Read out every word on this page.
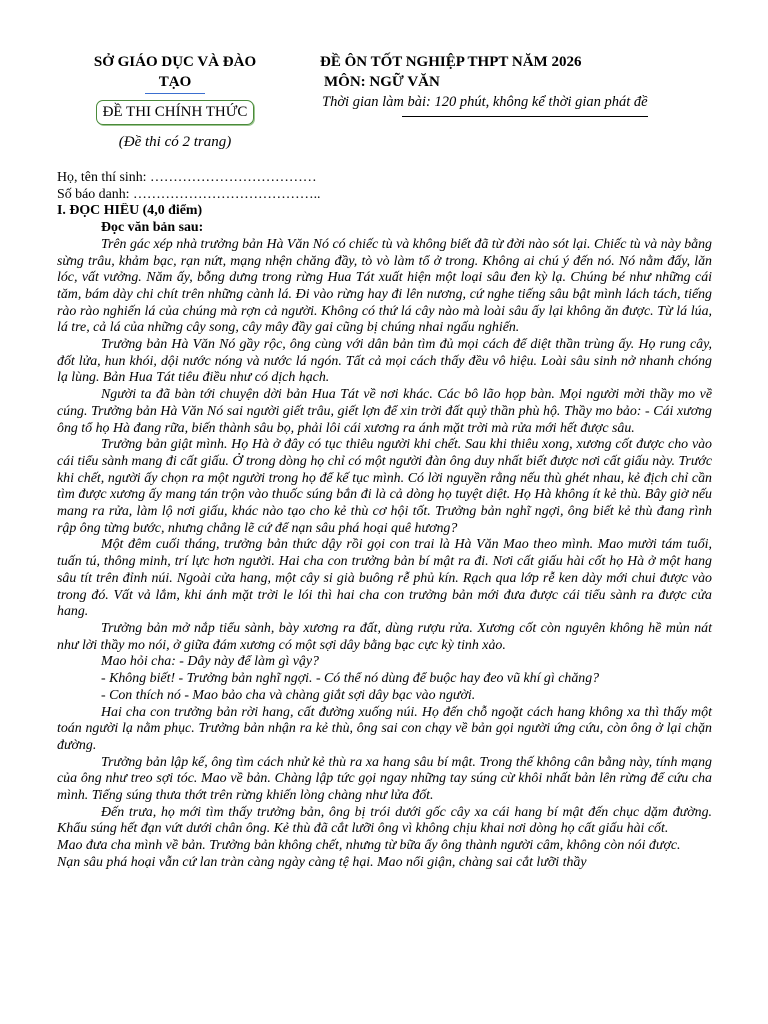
SỞ GIÁO DỤC VÀ ĐÀO
TẠO
ĐỀ THI CHÍNH THỨC
(Đề thi có 2 trang)
ĐỀ ÔN TỐT NGHIỆP THPT NĂM 2026
MÔN: NGỮ VĂN
Thời gian làm bài: 120 phút, không kể thời gian phát đề
Họ, tên thí sinh: ………………………………
Số báo danh: …………………………………..
I. ĐỌC HIỂU (4,0 điểm)
Đọc văn bản sau:

Trên gác xép nhà trưởng bản Hà Văn Nó có chiếc tù và không biết đã từ đời nào sót lại. Chiếc tù và này bằng sừng trâu, khảm bạc, rạn nứt, mạng nhện chăng đầy, tò vò làm tổ ở trong. Không ai chú ý đến nó. Nó nằm đấy, lăn lóc, vất vưởng. Năm ấy, bỗng dưng trong rừng Hua Tát xuất hiện một loại sâu đen kỳ lạ. Chúng bé như những cái tăm, bám dày chi chít trên những cành lá. Đi vào rừng hay đi lên nương, cứ nghe tiếng sâu bật mình lách tách, tiếng rào rào nghiến lá của chúng mà rợn cả người. Không có thứ lá cây nào mà loài sâu ấy lại không ăn được. Từ lá lúa, lá tre, cả lá của những cây song, cây mây đầy gai cũng bị chúng nhai ngấu nghiến.

Trưởng bản Hà Văn Nó gầy rộc, ông cùng với dân bản tìm đủ mọi cách để diệt thần trùng ấy. Họ rung cây, đốt lửa, hun khói, dội nước nóng và nước lá ngón. Tất cả mọi cách thấy đều vô hiệu. Loài sâu sinh nở nhanh chóng lạ lùng. Bản Hua Tát tiêu điều như có dịch hạch.

Người ta đã bàn tới chuyện dời bản Hua Tát về nơi khác. Các bô lão họp bàn. Mọi người mời thầy mo về cúng. Trưởng bản Hà Văn Nó sai người giết trâu, giết lợn để xin trời đất quỷ thần phù hộ. Thầy mo bảo: - Cái xương ông tổ họ Hà đang rữa, biến thành sâu bọ, phải lôi cái xương ra ánh mặt trời mà rửa mới hết được sâu.

Trưởng bản giật mình. Họ Hà ở đây có tục thiêu người khi chết. Sau khi thiêu xong, xương cốt được cho vào cái tiểu sành mang đi cất giấu. Ở trong dòng họ chỉ có một người đàn ông duy nhất biết được nơi cất giấu này. Trước khi chết, người ấy chọn ra một người trong họ để kế tục mình. Có lời nguyền rằng nếu thù ghét nhau, kẻ địch chỉ cần tìm được xương ấy mang tán trộn vào thuốc súng bắn đi là cả dòng họ tuyệt diệt. Họ Hà không ít kẻ thù. Bây giờ nếu mang ra rửa, làm lộ nơi giấu, khác nào tạo cho kẻ thù cơ hội tốt. Trưởng bản nghĩ ngợi, ông biết kẻ thù đang rình rập ông từng bước, nhưng chẳng lẽ cứ để nạn sâu phá hoại quê hương?

Một đêm cuối tháng, trưởng bản thức dậy rồi gọi con trai là Hà Văn Mao theo mình. Mao mười tám tuổi, tuấn tú, thông minh, trí lực hơn người. Hai cha con trưởng bản bí mật ra đi. Nơi cất giấu hài cốt họ Hà ở một hang sâu tít trên đỉnh núi. Ngoài cửa hang, một cây si già buông rễ phủ kín. Rạch qua lớp rễ ken dày mới chui được vào trong đó. Vất vả lắm, khi ánh mặt trời le lói thì hai cha con trưởng bản mới đưa được cái tiểu sành ra được cửa hang.

Trưởng bản mở nắp tiểu sành, bày xương ra đất, dùng rượu rửa. Xương cốt còn nguyên không hề mủn nát như lời thầy mo nói, ở giữa đám xương có một sợi dây bằng bạc cực kỳ tinh xảo.

Mao hỏi cha: - Dây này để làm gì vậy?

- Không biết! - Trưởng bản nghĩ ngợi. - Có thể nó dùng để buộc hay đeo vũ khí gì chăng?

- Con thích nó - Mao bảo cha và chàng giắt sợi dây bạc vào người.

Hai cha con trưởng bản rời hang, cất đường xuống núi. Họ đến chỗ ngoặt cách hang không xa thì thấy một toán người lạ nằm phục. Trưởng bản nhận ra kẻ thù, ông sai con chạy về bản gọi người ứng cứu, còn ông ở lại chặn đường.

Trưởng bản lập kế, ông tìm cách nhử kẻ thù ra xa hang sâu bí mật. Trong thế không cân bằng này, tính mạng của ông như treo sợi tóc. Mao về bản. Chàng lập tức gọi ngay những tay súng cừ khôi nhất bản lên rừng để cứu cha mình. Tiếng súng thưa thớt trên rừng khiến lòng chàng như lửa đốt.

Đến trưa, họ mới tìm thấy trưởng bản, ông bị trói dưới gốc cây xa cái hang bí mật đến chục dặm đường. Khẩu súng hết đạn vứt dưới chân ông. Kẻ thù đã cắt lưỡi ông vì không chịu khai nơi dòng họ cất giấu hài cốt.

Mao đưa cha mình về bản. Trưởng bản không chết, nhưng từ bữa ấy ông thành người câm, không còn nói được.

Nạn sâu phá hoại vẫn cứ lan tràn càng ngày càng tệ hại. Mao nổi giận, chàng sai cắt lưỡi thầy
